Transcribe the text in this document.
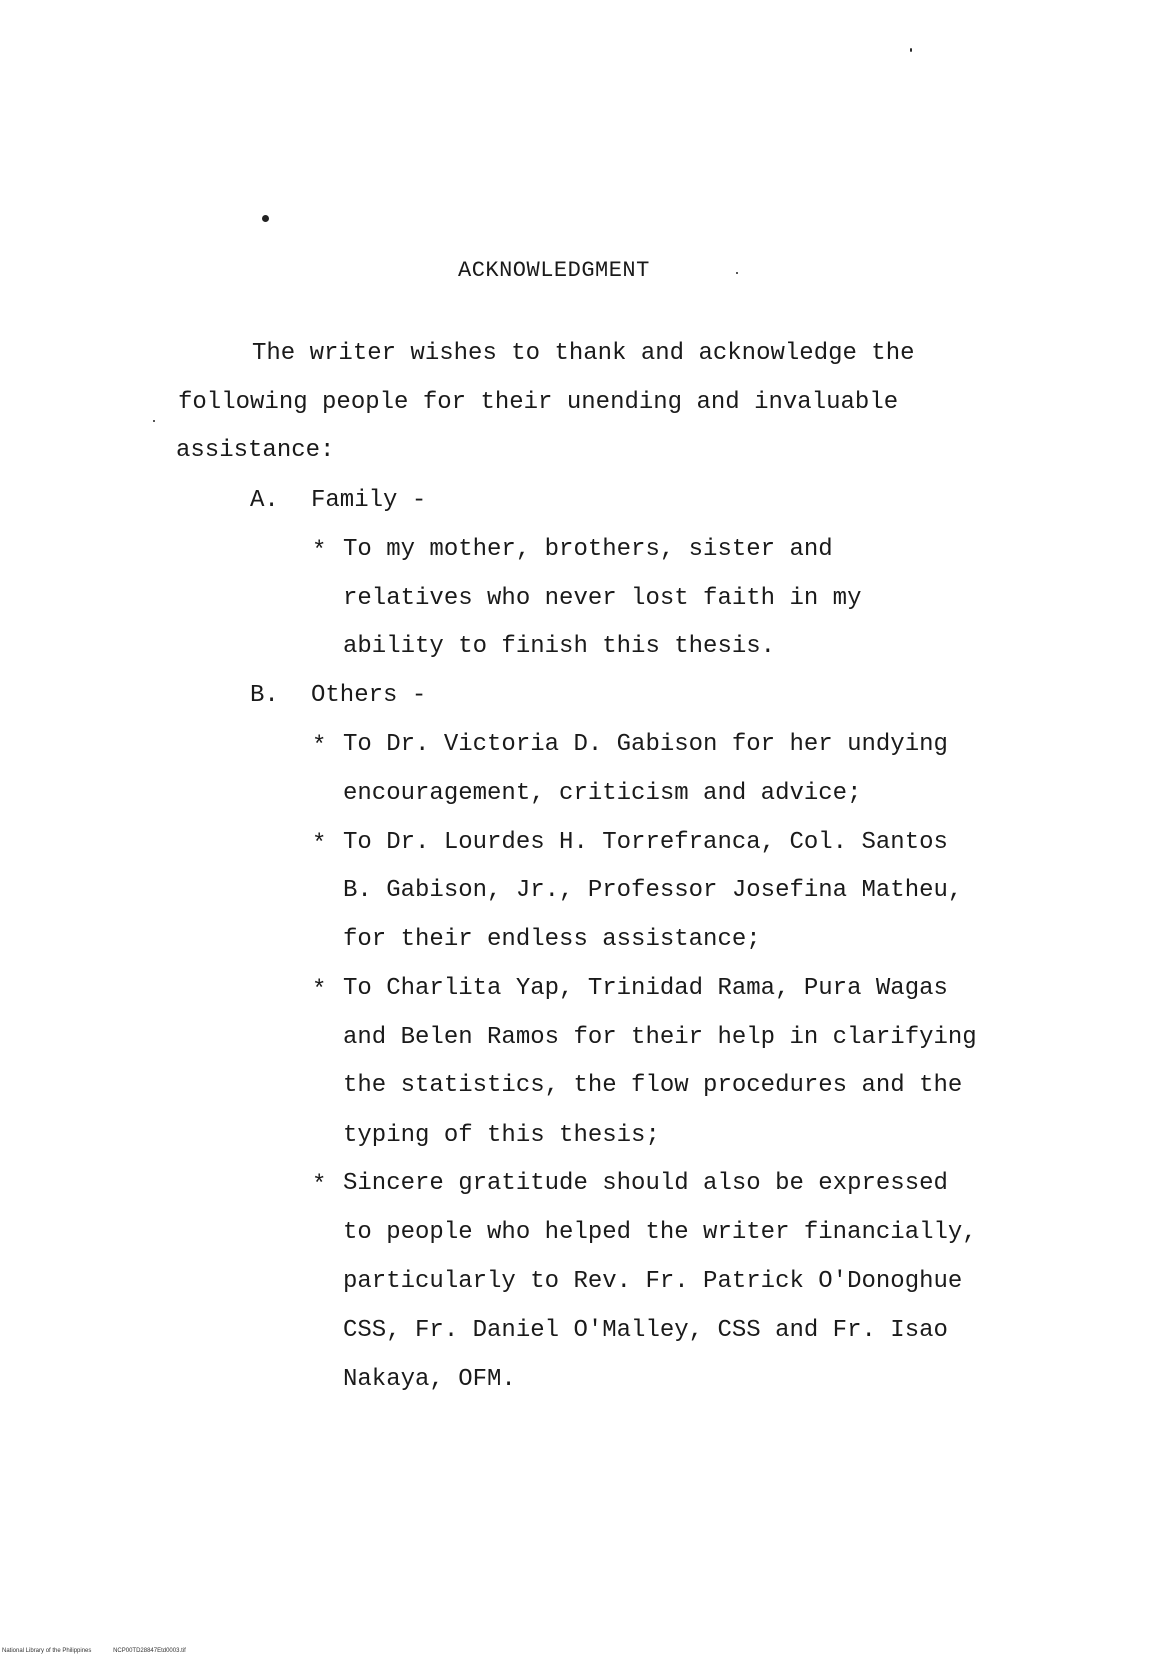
ACKNOWLEDGMENT
The writer wishes to thank and acknowledge the
following people for their unending and invaluable
assistance:
A. Family -
* To my mother, brothers, sister and
relatives who never lost faith in my
ability to finish this thesis.
B. Others -
* To Dr. Victoria D. Gabison for her undying
encouragement, criticism and advice;
* To Dr. Lourdes H. Torrefranca, Col. Santos
B. Gabison, Jr., Professor Josefina Matheu,
for their endless assistance;
* To Charlita Yap, Trinidad Rama, Pura Wagas
and Belen Ramos for their help in clarifying
the statistics, the flow procedures and the
typing of this thesis;
* Sincere gratitude should also be expressed
to people who helped the writer financially,
particularly to Rev. Fr. Patrick O'Donoghue
CSS, Fr. Daniel O'Malley, CSS and Fr. Isao
Nakaya, OFM.
National Library of the Philippines	NCP00TD28847Etd0003.tif
